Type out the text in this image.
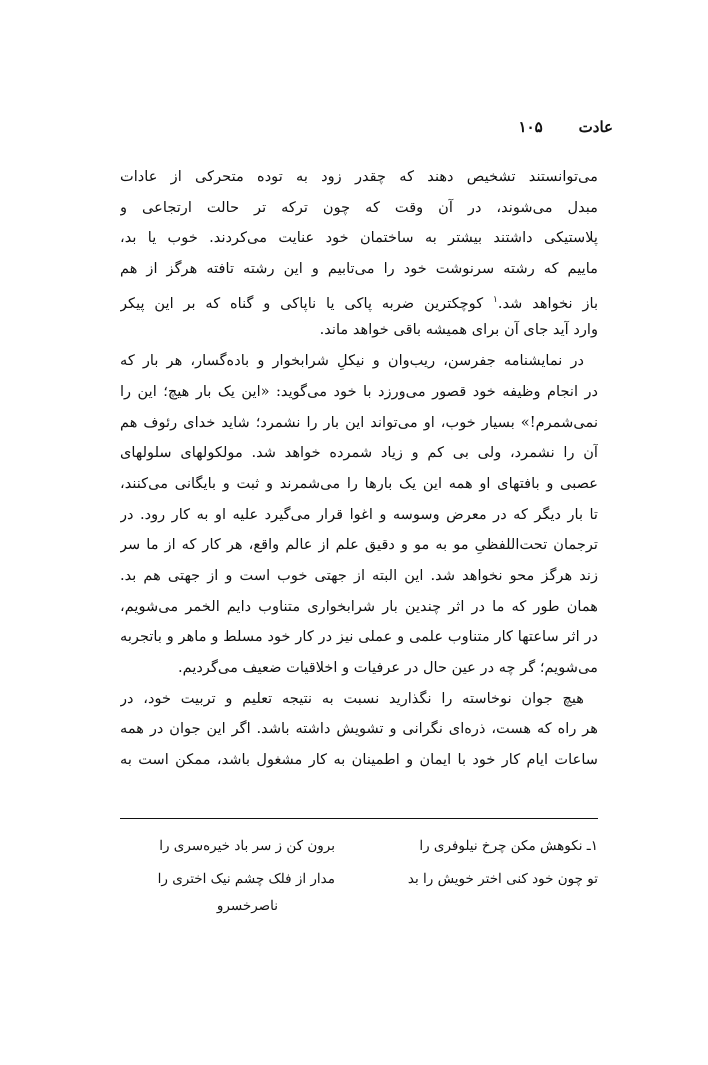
عادت
۱۰۵
می‌توانستند تشخیص دهند که چقدر زود به توده متحرکی از عادات
مبدل می‌شوند، در آن وقت که چون ترکه تر حالت ارتجاعی و
پلاستیکی داشتند بیشتر به ساختمان خود عنایت می‌کردند. خوب یا بد،
ماییم که رشته سرنوشت خود را می‌تابیم و این رشته تافته هرگز از هم
باز نخواهد شد.$^۱$ کوچکترین ضربه پاکی یا ناپاکی و گناه که بر این پیکر
وارد آید جای آن برای همیشه باقی خواهد ماند.
در نمایشنامه جفرسن، ریب‌وان و نیکلِ شرابخوار و باده‌گسار، هر بار که
در انجام وظیفه خود قصور می‌ورزد با خود می‌گوید: «این یک بار هیچ؛ این را
نمی‌شمرم!» بسیار خوب، او می‌تواند این بار را نشمرد؛ شاید خدای رئوف هم
آن را نشمرد، ولی بی کم و زیاد شمرده خواهد شد. مولکولهای سلولهای
عصبی و بافتهای او همه این یک بارها را می‌شمرند و ثبت و بایگانی می‌کنند،
تا بار دیگر که در معرض وسوسه و اغوا قرار می‌گیرد علیه او به کار رود. در
ترجمان تحت‌اللفظیِ مو به مو و دقیق علم از عالم واقع، هر کار که از ما سر
زند هرگز محو نخواهد شد. این البته از جهتی خوب است و از جهتی هم بد.
همان طور که ما در اثر چندین بار شرابخواری متناوب دایم الخمر می‌شویم،
در اثر ساعتها کار متناوب علمی و عملی نیز در کار خود مسلط و ماهر و باتجربه
می‌شویم؛ گر چه در عین حال در عرفیات و اخلاقیات ضعیف می‌گردیم.
هیچ جوان نوخاسته را نگذارید نسبت به نتیجه تعلیم و تربیت خود، در
هر راه که هست، ذره‌ای نگرانی و تشویش داشته باشد. اگر این جوان در همه
ساعات ایام کار خود با ایمان و اطمینان به کار مشغول باشد، ممکن است به
۱ـ نکوهش مکن چرخ نیلوفری را
برون کن ز سر باد خیره‌سری را
تو چون خود کنی اختر خویش را بد
مدار از فلک چشم نیک اختری را
ناصرخسرو
